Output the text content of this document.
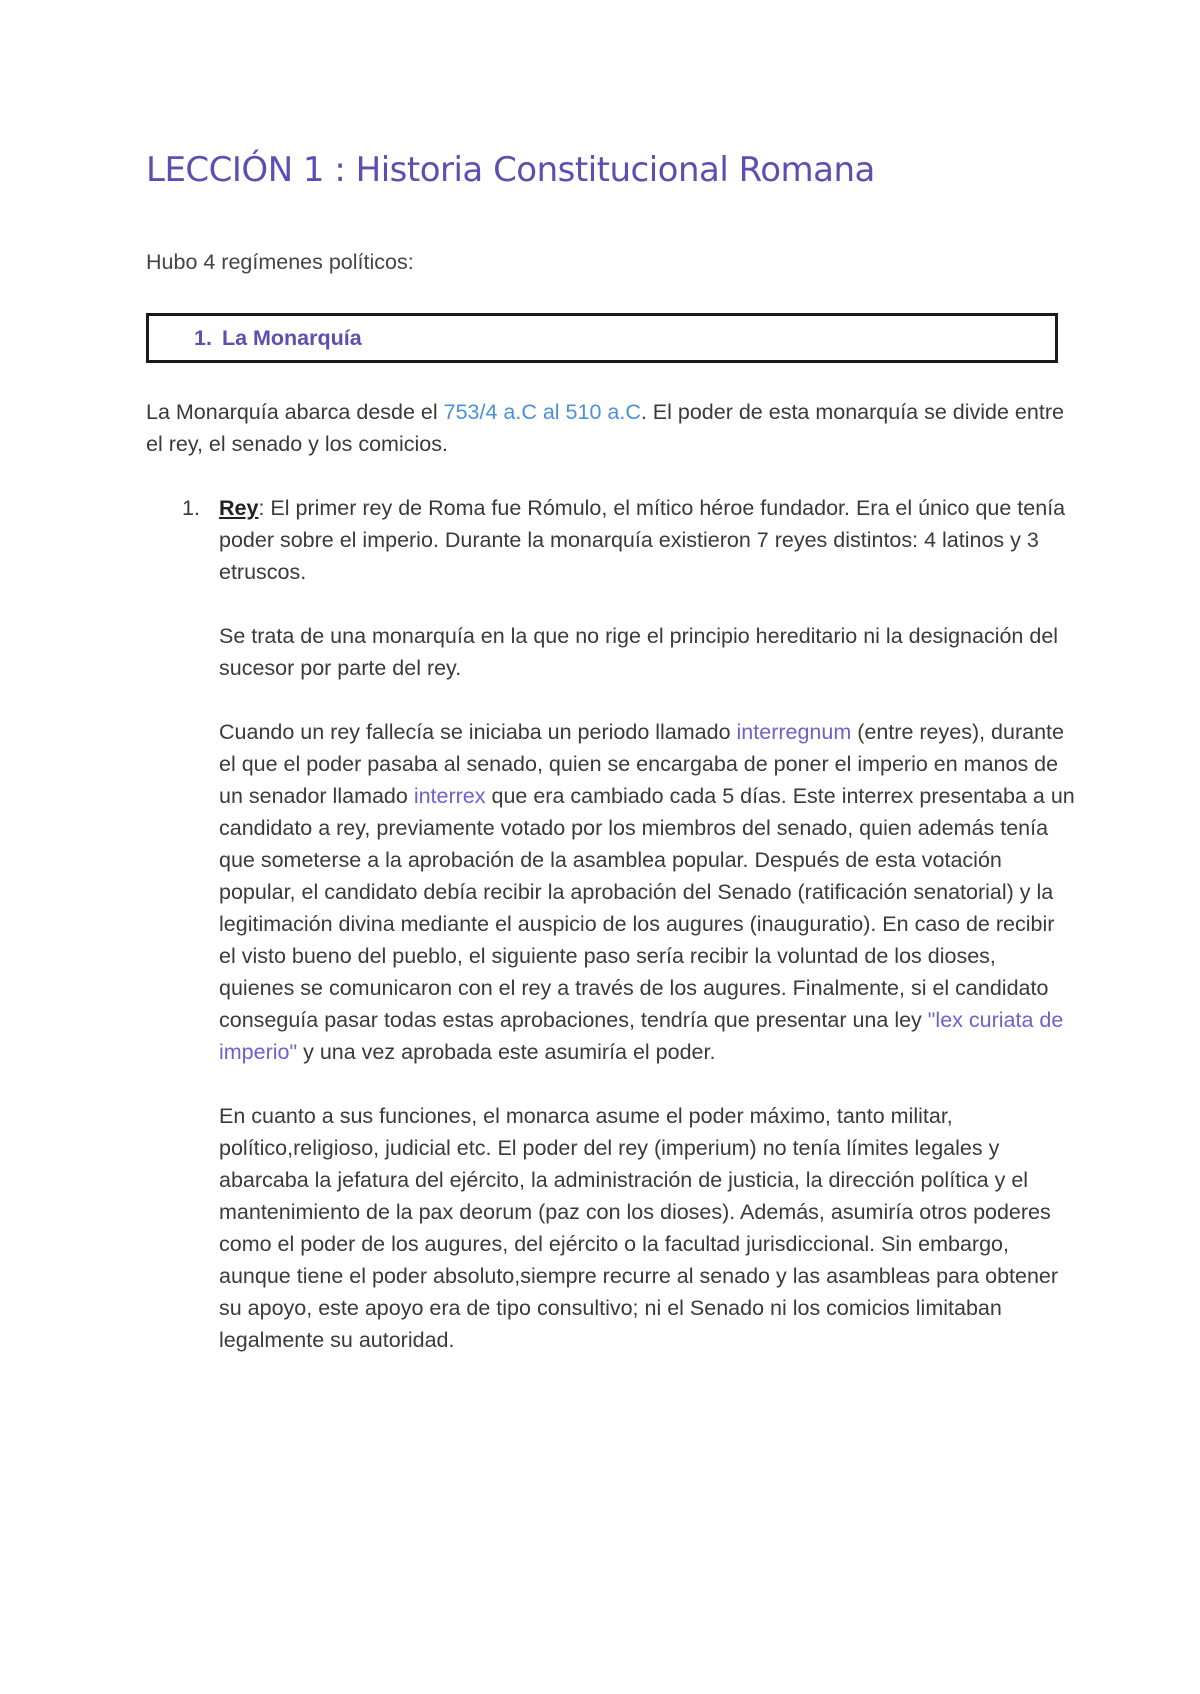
LECCIÓN 1 : Historia Constitucional Romana

Hubo 4 regímenes políticos:

1. La Monarquía

La Monarquía abarca desde el 753/4 a.C al 510 a.C. El poder de esta monarquía se divide entre el rey, el senado y los comicios.

1. Rey: El primer rey de Roma fue Rómulo, el mítico héroe fundador. Era el único que tenía poder sobre el imperio. Durante la monarquía existieron 7 reyes distintos: 4 latinos y 3 etruscos.

Se trata de una monarquía en la que no rige el principio hereditario ni la designación del sucesor por parte del rey.

Cuando un rey fallecía se iniciaba un periodo llamado interregnum (entre reyes), durante el que el poder pasaba al senado, quien se encargaba de poner el imperio en manos de un senador llamado interrex que era cambiado cada 5 días. Este interrex presentaba a un candidato a rey, previamente votado por los miembros del senado, quien además tenía que someterse a la aprobación de la asamblea popular. Después de esta votación popular, el candidato debía recibir la aprobación del Senado (ratificación senatorial) y la legitimación divina mediante el auspicio de los augures (inauguratio). En caso de recibir el visto bueno del pueblo, el siguiente paso sería recibir la voluntad de los dioses, quienes se comunicaron con el rey a través de los augures. Finalmente, si el candidato conseguía pasar todas estas aprobaciones, tendría que presentar una ley "lex curiata de imperio" y una vez aprobada este asumiría el poder.

En cuanto a sus funciones, el monarca asume el poder máximo, tanto militar, político,religioso, judicial etc. El poder del rey (imperium) no tenía límites legales y abarcaba la jefatura del ejército, la administración de justicia, la dirección política y el mantenimiento de la pax deorum (paz con los dioses). Además, asumiría otros poderes como el poder de los augures, del ejército o la facultad jurisdiccional. Sin embargo, aunque tiene el poder absoluto,siempre recurre al senado y las asambleas para obtener su apoyo, este apoyo era de tipo consultivo; ni el Senado ni los comicios limitaban legalmente su autoridad.
